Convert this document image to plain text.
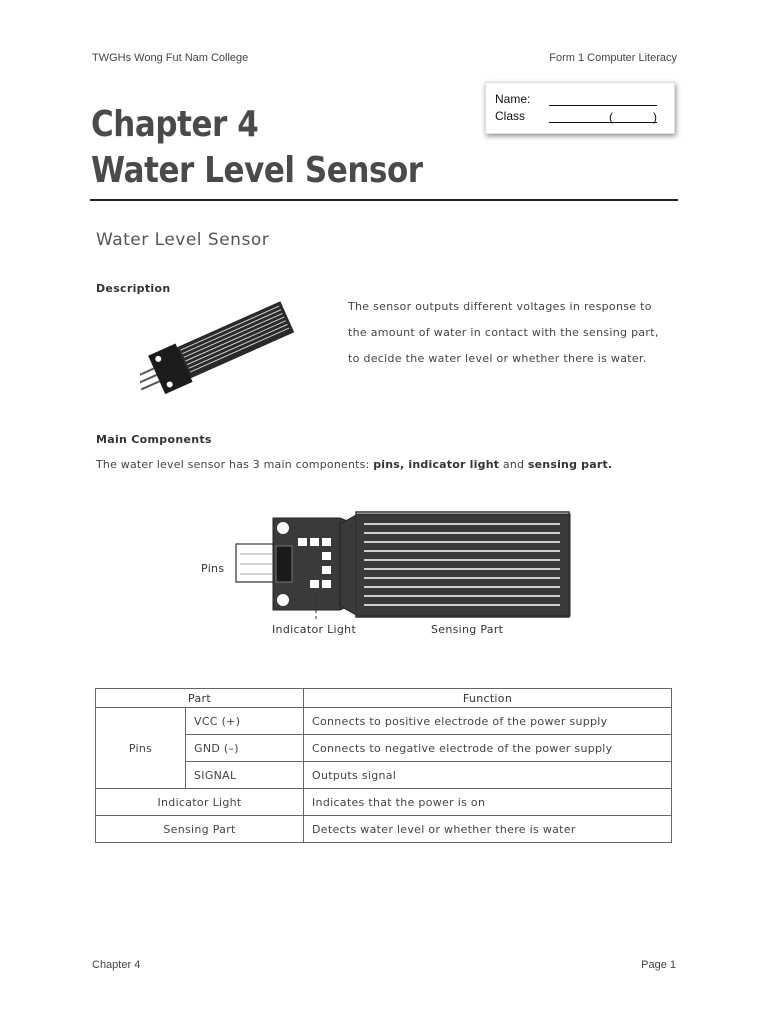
TWGHs Wong Fut Nam College	Form 1 Computer Literacy
Name:
Class	(	)
Chapter 4
Water Level Sensor
Water Level Sensor
Description
The sensor outputs different voltages in response to
the amount of water in contact with the sensing part,
to decide the water level or whether there is water.
Main Components
The water level sensor has 3 main components: pins, indicator light and sensing part.
Pins
Indicator Light	Sensing Part
Part		Function
Pins	VCC (+)	Connects to positive electrode of the power supply
	GND (–)	Connects to negative electrode of the power supply
	SIGNAL	Outputs signal
Indicator Light		Indicates that the power is on
Sensing Part		Detects water level or whether there is water
Chapter 4	Page 1
